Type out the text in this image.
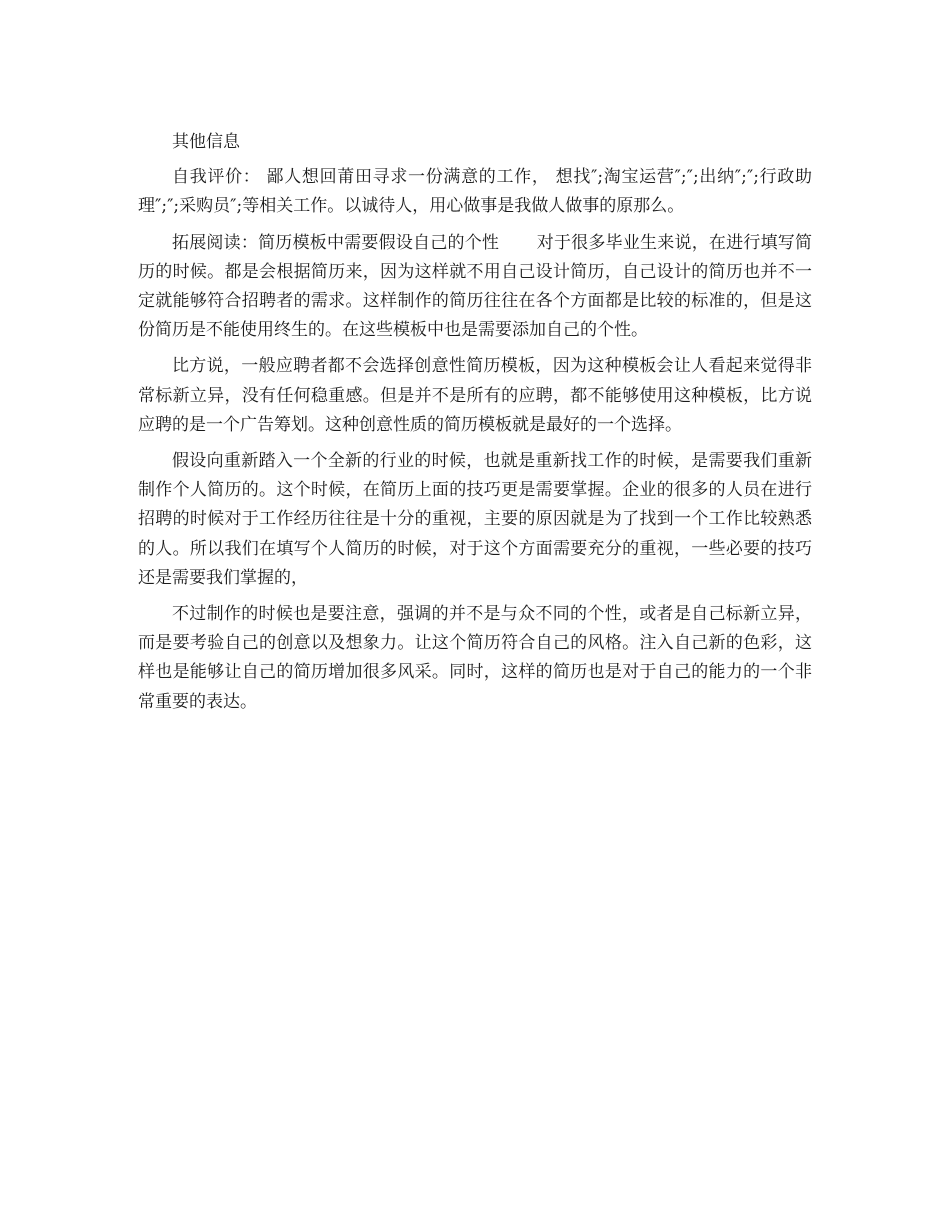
其他信息

自我评价： 鄙人想回莆田寻求一份满意的工作， 想找″;淘宝运营″;″;出纳″;″;行政助理″;″;采购员″;等相关工作。以诚待人，用心做事是我做人做事的原那么。

拓展阅读：简历模板中需要假设自己的个性 对于很多毕业生来说，在进行填写简历的时候。都是会根据简历来，因为这样就不用自己设计简历，自己设计的简历也并不一定就能够符合招聘者的需求。这样制作的简历往往在各个方面都是比较的标准的，但是这份简历是不能使用终生的。在这些模板中也是需要添加自己的个性。

比方说，一般应聘者都不会选择创意性简历模板，因为这种模板会让人看起来觉得非常标新立异，没有任何稳重感。但是并不是所有的应聘，都不能够使用这种模板，比方说应聘的是一个广告筹划。这种创意性质的简历模板就是最好的一个选择。

假设向重新踏入一个全新的行业的时候，也就是重新找工作的时候，是需要我们重新制作个人简历的。这个时候，在简历上面的技巧更是需要掌握。企业的很多的人员在进行招聘的时候对于工作经历往往是十分的重视，主要的原因就是为了找到一个工作比较熟悉的人。所以我们在填写个人简历的时候，对于这个方面需要充分的重视，一些必要的技巧还是需要我们掌握的，

不过制作的时候也是要注意，强调的并不是与众不同的个性，或者是自己标新立异，而是要考验自己的创意以及想象力。让这个简历符合自己的风格。注入自己新的色彩，这样也是能够让自己的简历增加很多风采。同时，这样的简历也是对于自己的能力的一个非常重要的表达。
